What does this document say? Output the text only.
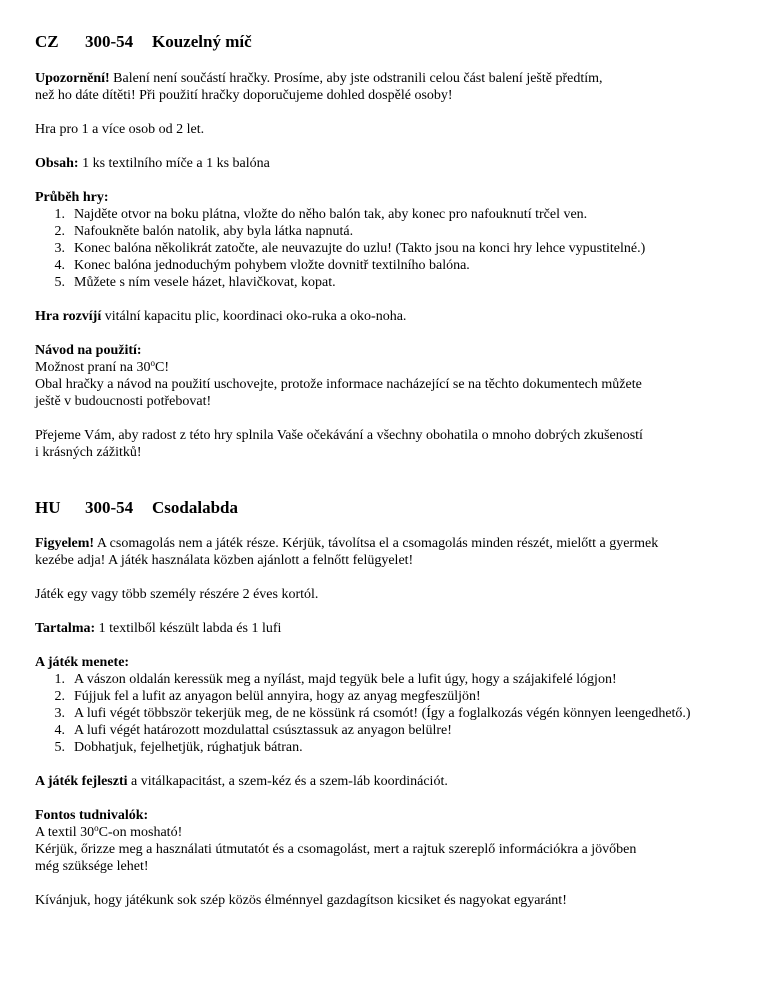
CZ	300-54	Kouzelný míč

Upozornění! Balení není součástí hračky. Prosíme, aby jste odstranili celou část balení ještě předtím,
než ho dáte dítěti! Při použití hračky doporučujeme dohled dospělé osoby!

Hra pro 1 a více osob od 2 let.

Obsah: 1 ks textilního míče a 1 ks balóna

Průběh hry:

1. Najděte otvor na boku plátna, vložte do něho balón tak, aby konec pro nafouknutí trčel ven.
2. Nafoukněte balón natolik, aby byla látka napnutá.
3. Konec balóna několikrát zatočte, ale neuvazujte do uzlu! (Takto jsou na konci hry lehce vypustitelné.)
4. Konec balóna jednoduchým pohybem vložte dovnitř textilního balóna.
5. Můžete s ním vesele házet, hlavičkovat, kopat.

Hra rozvíjí vitální kapacitu plic, koordinaci oko-ruka a oko-noha.

Návod na použití:
Možnost praní na 30$^o$C!
Obal hračky a návod na použití uschovejte, protože informace nacházející se na těchto dokumentech můžete
ještě v budoucnosti potřebovat!

Přejeme Vám, aby radost z této hry splnila Vaše očekávání a všechny obohatila o mnoho dobrých zkušeností
i krásných zážitků!

HU	300-54	Csodalabda

Figyelem! A csomagolás nem a játék része. Kérjük, távolítsa el a csomagolás minden részét, mielőtt a gyermek
kezébe adja! A játék használata közben ajánlott a felnőtt felügyelet!

Játék egy vagy több személy részére 2 éves kortól.

Tartalma: 1 textilből készült labda és 1 lufi

A játék menete:

1. A vászon oldalán keressük meg a nyílást, majd tegyük bele a lufit úgy, hogy a szájakifelé lógjon!
2. Fújjuk fel a lufit az anyagon belül annyira, hogy az anyag megfeszüljön!
3. A lufi végét többször tekerjük meg, de ne kössünk rá csomót! (Így a foglalkozás végén könnyen leengedhető.)
4. A lufi végét határozott mozdulattal csúsztassuk az anyagon belülre!
5. Dobhatjuk, fejelhetjük, rúghatjuk bátran.

A játék fejleszti a vitálkapacitást, a szem-kéz és a szem-láb koordinációt.

Fontos tudnivalók:
A textil 30$^o$C-on mosható!
Kérjük, őrizze meg a használati útmutatót és a csomagolást, mert a rajtuk szereplő információkra a jövőben
még szüksége lehet!

Kívánjuk, hogy játékunk sok szép közös élménnyel gazdagítson kicsiket és nagyokat egyaránt!
